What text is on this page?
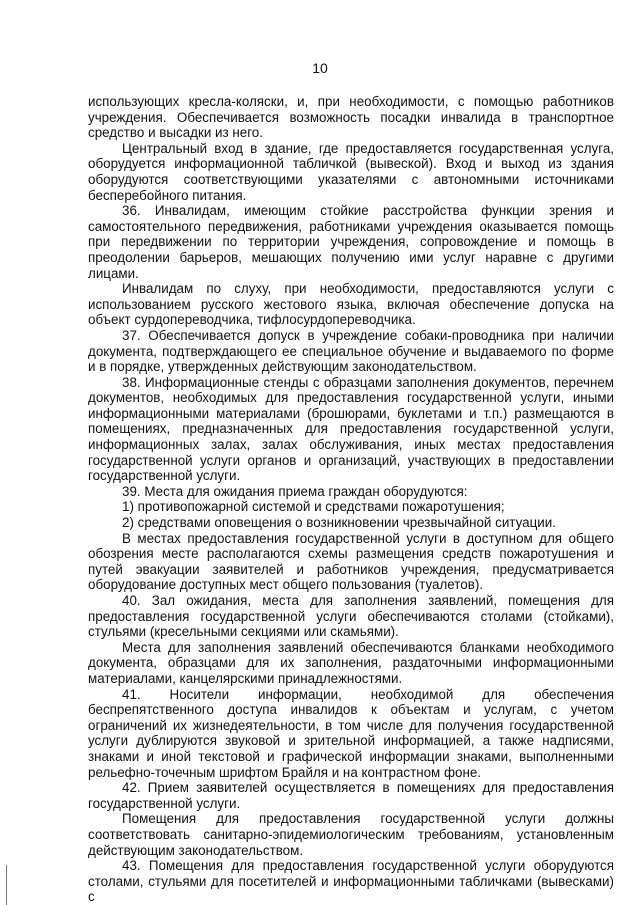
10

использующих кресла-коляски, и, при необходимости, с помощью работников учреждения. Обеспечивается возможность посадки инвалида в транспортное средство и высадки из него.

Центральный вход в здание, где предоставляется государственная услуга, оборудуется информационной табличкой (вывеской). Вход и выход из здания оборудуются соответствующими указателями с автономными источниками бесперебойного питания.

36. Инвалидам, имеющим стойкие расстройства функции зрения и самостоятельного передвижения, работниками учреждения оказывается помощь при передвижении по территории учреждения, сопровождение и помощь в преодолении барьеров, мешающих получению ими услуг наравне с другими лицами.

Инвалидам по слуху, при необходимости, предоставляются услуги с использованием русского жестового языка, включая обеспечение допуска на объект сурдопереводчика, тифлосурдопереводчика.

37. Обеспечивается допуск в учреждение собаки-проводника при наличии документа, подтверждающего ее специальное обучение и выдаваемого по форме и в порядке, утвержденных действующим законодательством.

38. Информационные стенды с образцами заполнения документов, перечнем документов, необходимых для предоставления государственной услуги, иными информационными материалами (брошюрами, буклетами и т.п.) размещаются в помещениях, предназначенных для предоставления государственной услуги, информационных залах, залах обслуживания, иных местах предоставления государственной услуги органов и организаций, участвующих в предоставлении государственной услуги.

39. Места для ожидания приема граждан оборудуются:

1) противопожарной системой и средствами пожаротушения;

2) средствами оповещения о возникновении чрезвычайной ситуации.

В местах предоставления государственной услуги в доступном для общего обозрения месте располагаются схемы размещения средств пожаротушения и путей эвакуации заявителей и работников учреждения, предусматривается оборудование доступных мест общего пользования (туалетов).

40. Зал ожидания, места для заполнения заявлений, помещения для предоставления государственной услуги обеспечиваются столами (стойками), стульями (кресельными секциями или скамьями).

Места для заполнения заявлений обеспечиваются бланками необходимого документа, образцами для их заполнения, раздаточными информационными материалами, канцелярскими принадлежностями.

41. Носители информации, необходимой для обеспечения беспрепятственного доступа инвалидов к объектам и услугам, с учетом ограничений их жизнедеятельности, в том числе для получения государственной услуги дублируются звуковой и зрительной информацией, а также надписями, знаками и иной текстовой и графической информации знаками, выполненными рельефно-точечным шрифтом Брайля и на контрастном фоне.

42. Прием заявителей осуществляется в помещениях для предоставления государственной услуги.

Помещения для предоставления государственной услуги должны соответствовать санитарно-эпидемиологическим требованиям, установленным действующим законодательством.

43. Помещения для предоставления государственной услуги оборудуются столами, стульями для посетителей и информационными табличками (вывесками) с
